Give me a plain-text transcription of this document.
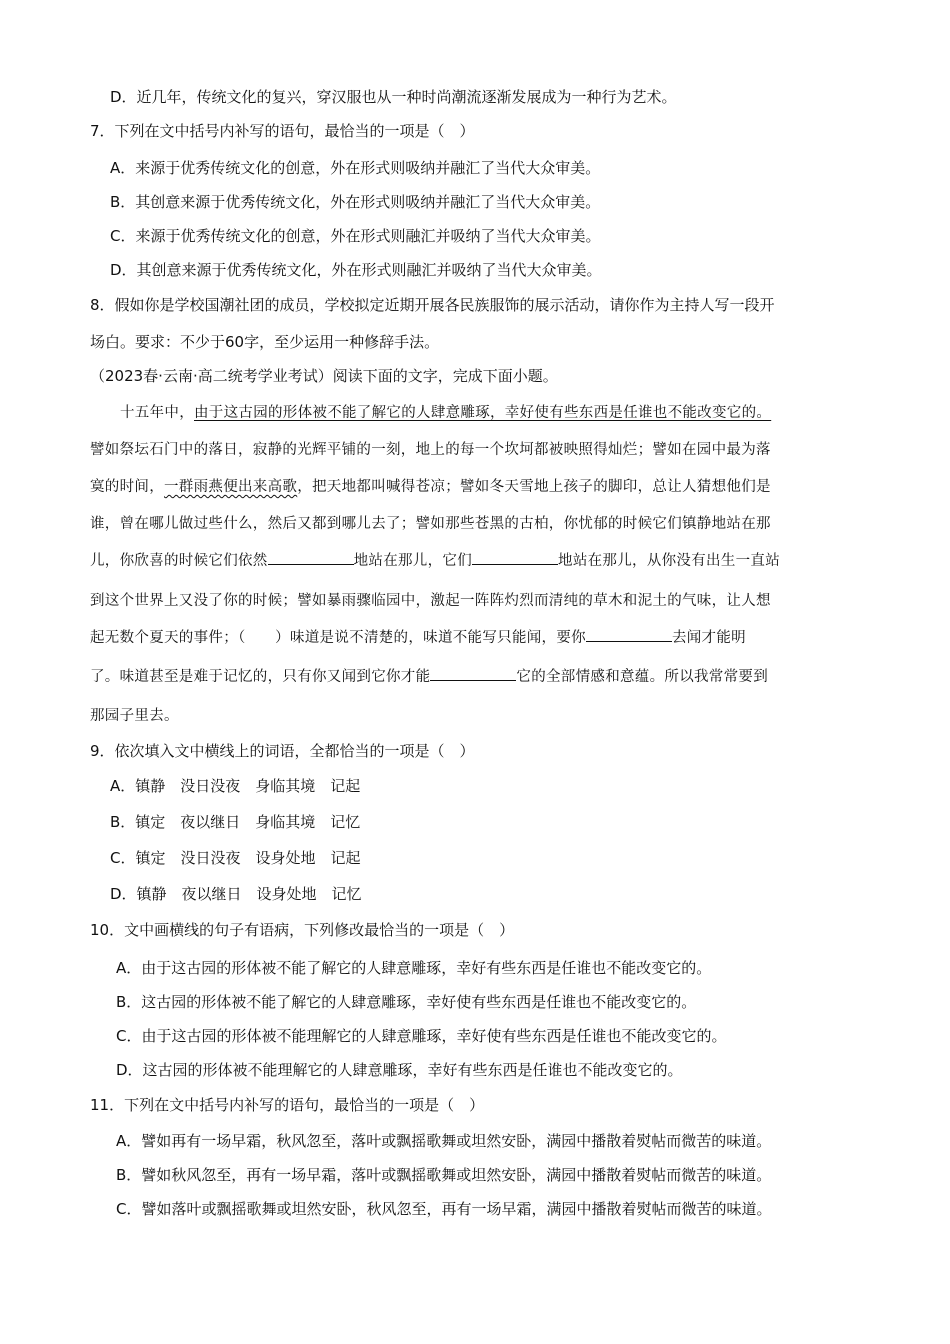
D．近几年，传统文化的复兴，穿汉服也从一种时尚潮流逐渐发展成为一种行为艺术。
7．下列在文中括号内补写的语句，最恰当的一项是（　）
A．来源于优秀传统文化的创意，外在形式则吸纳并融汇了当代大众审美。
B．其创意来源于优秀传统文化，外在形式则吸纳并融汇了当代大众审美。
C．来源于优秀传统文化的创意，外在形式则融汇并吸纳了当代大众审美。
D．其创意来源于优秀传统文化，外在形式则融汇并吸纳了当代大众审美。
8．假如你是学校国潮社团的成员，学校拟定近期开展各民族服饰的展示活动，请你作为主持人写一段开
场白。要求：不少于60字，至少运用一种修辞手法。
（2023春·云南·高二统考学业考试）阅读下面的文字，完成下面小题。
十五年中，由于这古园的形体被不能了解它的人肆意雕琢，幸好使有些东西是任谁也不能改变它的。
譬如祭坛石门中的落日，寂静的光辉平铺的一刻，地上的每一个坎坷都被映照得灿烂；譬如在园中最为落
寞的时间，一群雨燕便出来高歌，把天地都叫喊得苍凉；譬如冬天雪地上孩子的脚印，总让人猜想他们是
谁，曾在哪儿做过些什么，然后又都到哪儿去了；譬如那些苍黑的古柏，你忧郁的时候它们镇静地站在那
儿，你欣喜的时候它们依然	地站在那儿，它们	地站在那儿，从你没有出生一直站
到这个世界上又没了你的时候；譬如暴雨骤临园中，激起一阵阵灼烈而清纯的草木和泥土的气味，让人想
起无数个夏天的事件；（　　）味道是说不清楚的，味道不能写只能闻，要你	去闻才能明
了。味道甚至是难于记忆的，只有你又闻到它你才能	它的全部情感和意蕴。所以我常常要到
那园子里去。
9．依次填入文中横线上的词语，全都恰当的一项是（　）
A．镇静　没日没夜　身临其境　记起
B．镇定　夜以继日　身临其境　记忆
C．镇定　没日没夜　设身处地　记起
D．镇静　夜以继日　设身处地　记忆
10．文中画横线的句子有语病，下列修改最恰当的一项是（　）
A．由于这古园的形体被不能了解它的人肆意雕琢，幸好有些东西是任谁也不能改变它的。
B．这古园的形体被不能了解它的人肆意雕琢，幸好使有些东西是任谁也不能改变它的。
C．由于这古园的形体被不能理解它的人肆意雕琢，幸好使有些东西是任谁也不能改变它的。
D．这古园的形体被不能理解它的人肆意雕琢，幸好有些东西是任谁也不能改变它的。
11．下列在文中括号内补写的语句，最恰当的一项是（　）
A．譬如再有一场早霜，秋风忽至，落叶或飘摇歌舞或坦然安卧，满园中播散着熨帖而微苦的味道。
B．譬如秋风忽至，再有一场早霜，落叶或飘摇歌舞或坦然安卧，满园中播散着熨帖而微苦的味道。
C．譬如落叶或飘摇歌舞或坦然安卧，秋风忽至，再有一场早霜，满园中播散着熨帖而微苦的味道。
